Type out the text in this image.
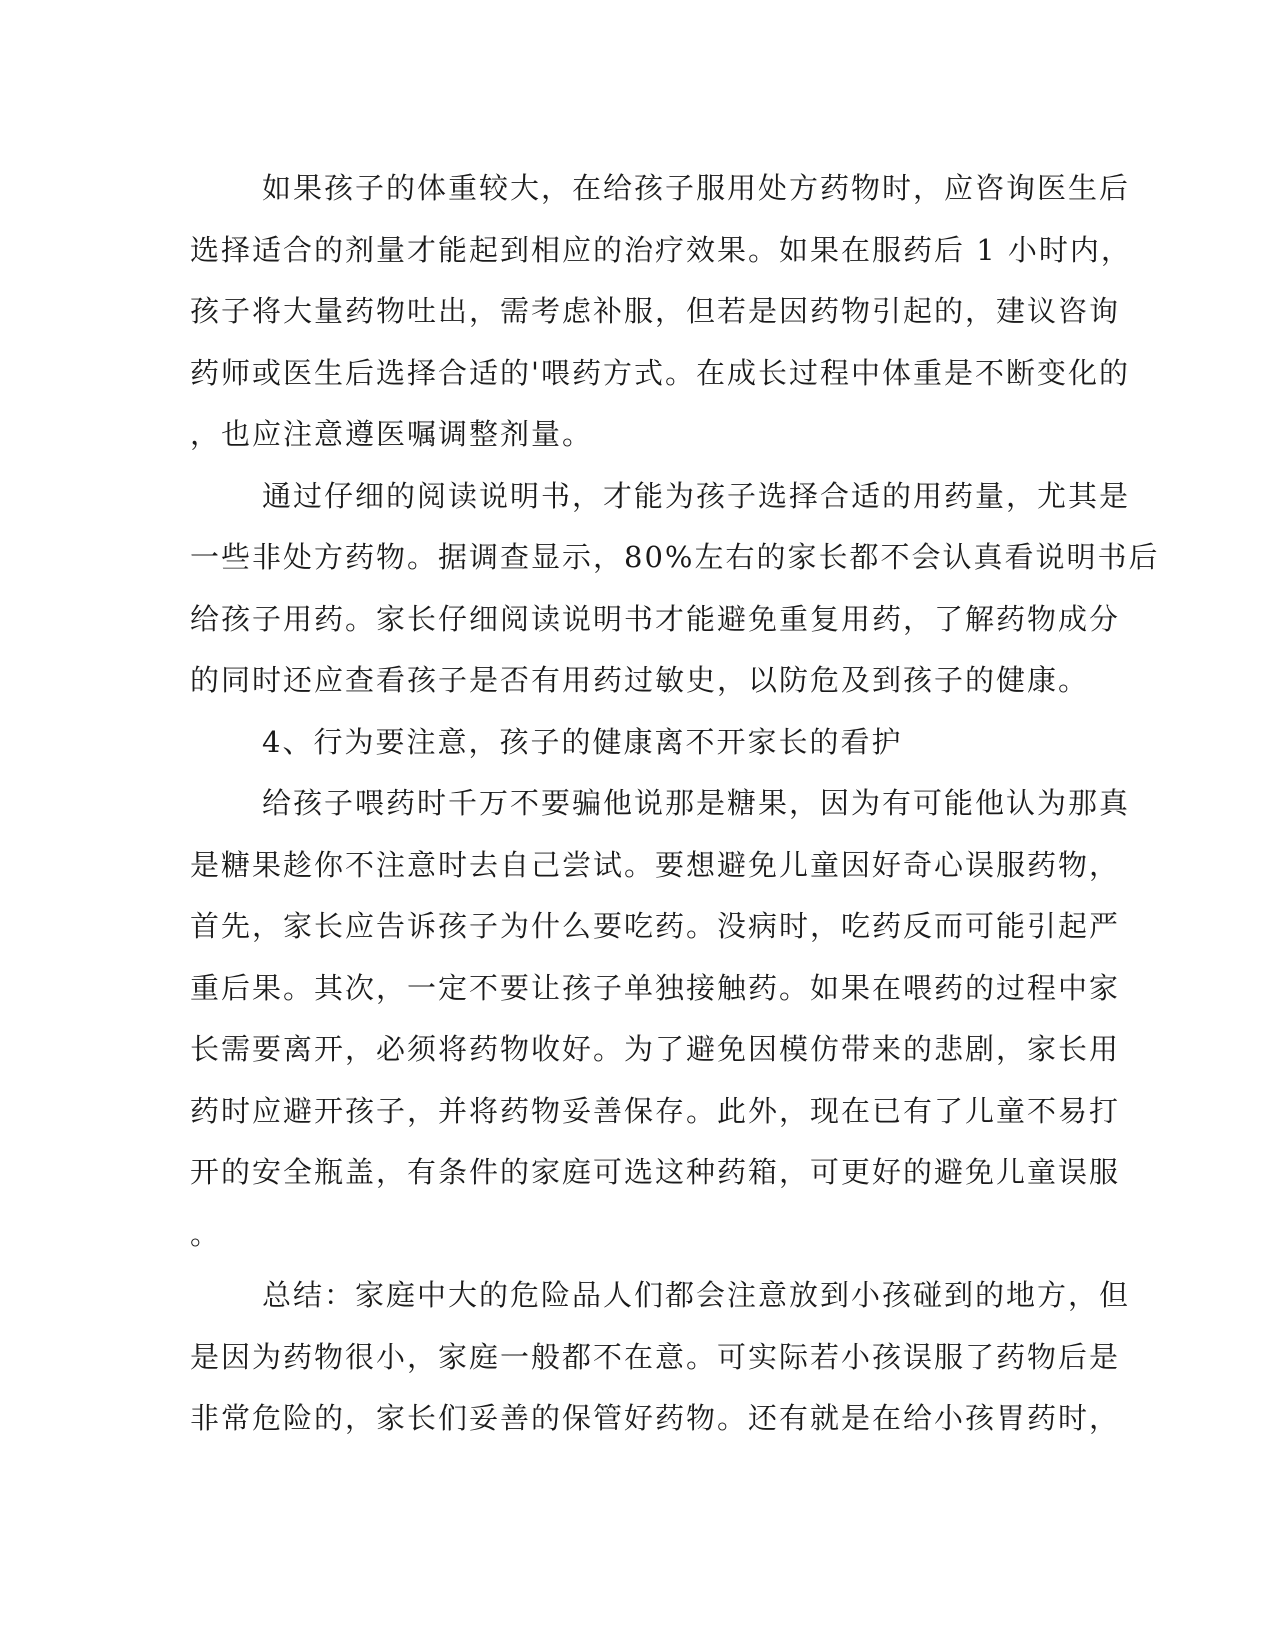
如果孩子的体重较大，在给孩子服用处方药物时，应咨询医生后
选择适合的剂量才能起到相应的治疗效果。如果在服药后 1 小时内，
孩子将大量药物吐出，需考虑补服，但若是因药物引起的，建议咨询
药师或医生后选择合适的'喂药方式。在成长过程中体重是不断变化的
，也应注意遵医嘱调整剂量。
通过仔细的阅读说明书，才能为孩子选择合适的用药量，尤其是
一些非处方药物。据调查显示，80%左右的家长都不会认真看说明书后
给孩子用药。家长仔细阅读说明书才能避免重复用药，了解药物成分
的同时还应查看孩子是否有用药过敏史，以防危及到孩子的健康。
4、行为要注意，孩子的健康离不开家长的看护
给孩子喂药时千万不要骗他说那是糖果，因为有可能他认为那真
是糖果趁你不注意时去自己尝试。要想避免儿童因好奇心误服药物，
首先，家长应告诉孩子为什么要吃药。没病时，吃药反而可能引起严
重后果。其次，一定不要让孩子单独接触药。如果在喂药的过程中家
长需要离开，必须将药物收好。为了避免因模仿带来的悲剧，家长用
药时应避开孩子，并将药物妥善保存。此外，现在已有了儿童不易打
开的安全瓶盖，有条件的家庭可选这种药箱，可更好的避免儿童误服
。
总结：家庭中大的危险品人们都会注意放到小孩碰到的地方，但
是因为药物很小，家庭一般都不在意。可实际若小孩误服了药物后是
非常危险的，家长们妥善的保管好药物。还有就是在给小孩胃药时，
